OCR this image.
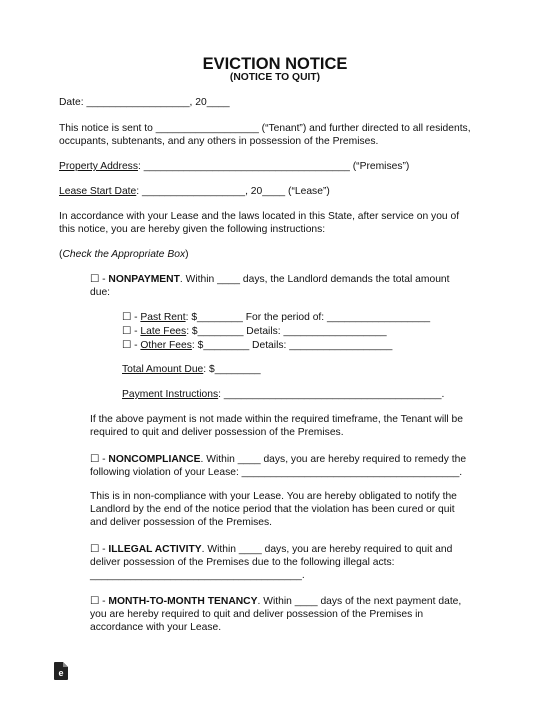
EVICTION NOTICE
(NOTICE TO QUIT)
Date: __________________, 20____
This notice is sent to __________________ (“Tenant”) and further directed to all residents,
occupants, subtenants, and any others in possession of the Premises.
Property Address: ____________________________________ (“Premises”)
Lease Start Date: __________________, 20____ (“Lease”)
In accordance with your Lease and the laws located in this State, after service on you of
this notice, you are hereby given the following instructions:
(Check the Appropriate Box)
☐ - NONPAYMENT. Within ____ days, the Landlord demands the total amount
due:
☐ - Past Rent: $________ For the period of: __________________
☐ - Late Fees: $________ Details: __________________
☐ - Other Fees: $________ Details: __________________
Total Amount Due: $________
Payment Instructions: ______________________________________.
If the above payment is not made within the required timeframe, the Tenant will be
required to quit and deliver possession of the Premises.
☐ - NONCOMPLIANCE. Within ____ days, you are hereby required to remedy the
following violation of your Lease: ______________________________________.
This is in non-compliance with your Lease. You are hereby obligated to notify the
Landlord by the end of the notice period that the violation has been cured or quit
and deliver possession of the Premises.
☐ - ILLEGAL ACTIVITY. Within ____ days, you are hereby required to quit and
deliver possession of the Premises due to the following illegal acts:
_____________________________________.
☐ - MONTH-TO-MONTH TENANCY. Within ____ days of the next payment date,
you are hereby required to quit and deliver possession of the Premises in
accordance with your Lease.
e
